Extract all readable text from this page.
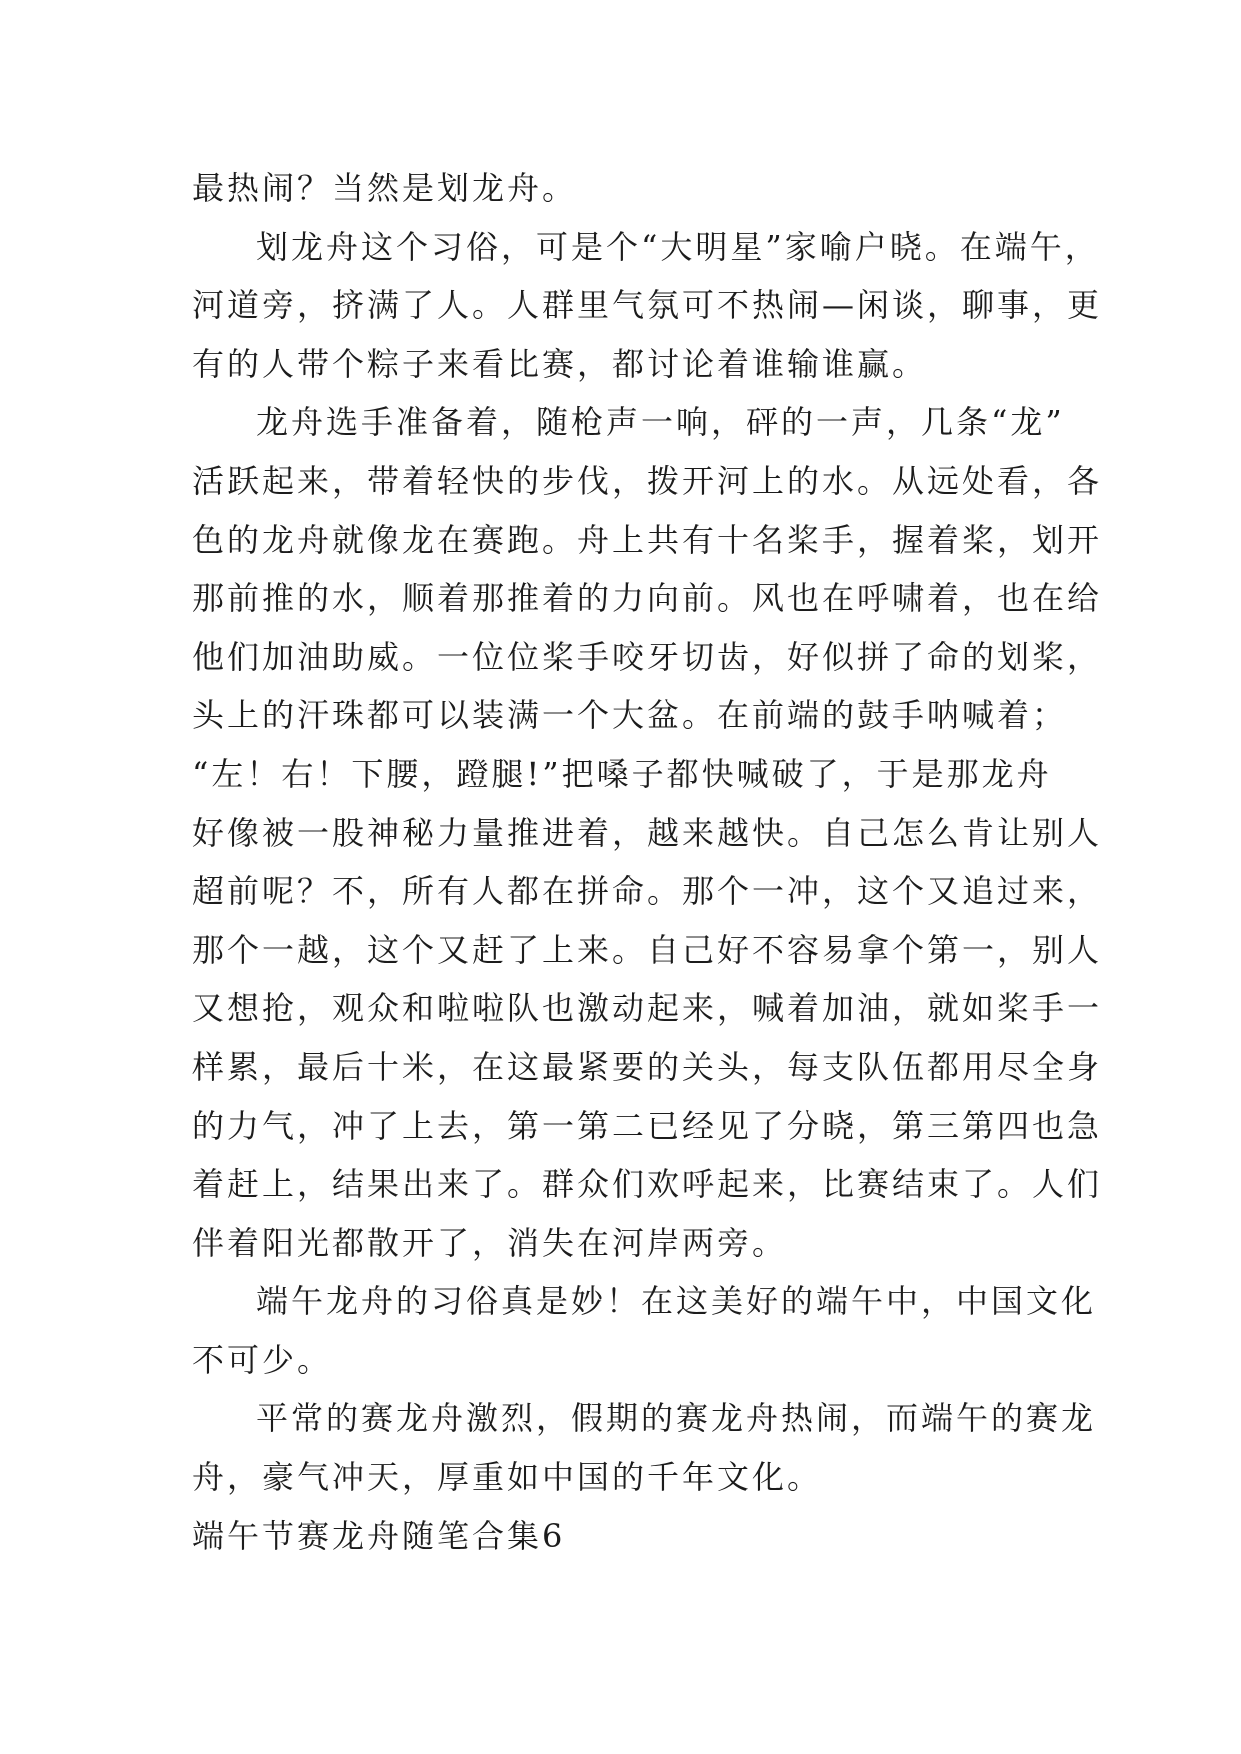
最热闹？当然是划龙舟。
划龙舟这个习俗，可是个“大明星”家喻户晓。在端午，
河道旁，挤满了人。人群里气氛可不热闹—闲谈，聊事，更
有的人带个粽子来看比赛，都讨论着谁输谁赢。
龙舟选手准备着，随枪声一响，砰的一声，几条“龙”
活跃起来，带着轻快的步伐，拨开河上的水。从远处看，各
色的龙舟就像龙在赛跑。舟上共有十名桨手，握着桨，划开
那前推的水，顺着那推着的力向前。风也在呼啸着，也在给
他们加油助威。一位位桨手咬牙切齿，好似拼了命的划桨，
头上的汗珠都可以装满一个大盆。在前端的鼓手呐喊着；
“左！右！下腰，蹬腿!”把嗓子都快喊破了，于是那龙舟
好像被一股神秘力量推进着，越来越快。自己怎么肯让别人
超前呢？不，所有人都在拼命。那个一冲，这个又追过来，
那个一越，这个又赶了上来。自己好不容易拿个第一，别人
又想抢，观众和啦啦队也激动起来，喊着加油，就如桨手一
样累，最后十米，在这最紧要的关头，每支队伍都用尽全身
的力气，冲了上去，第一第二已经见了分晓，第三第四也急
着赶上，结果出来了。群众们欢呼起来，比赛结束了。人们
伴着阳光都散开了，消失在河岸两旁。
端午龙舟的习俗真是妙！在这美好的端午中，中国文化
不可少。
平常的赛龙舟激烈，假期的赛龙舟热闹，而端午的赛龙
舟，豪气冲天，厚重如中国的千年文化。
端午节赛龙舟随笔合集6
